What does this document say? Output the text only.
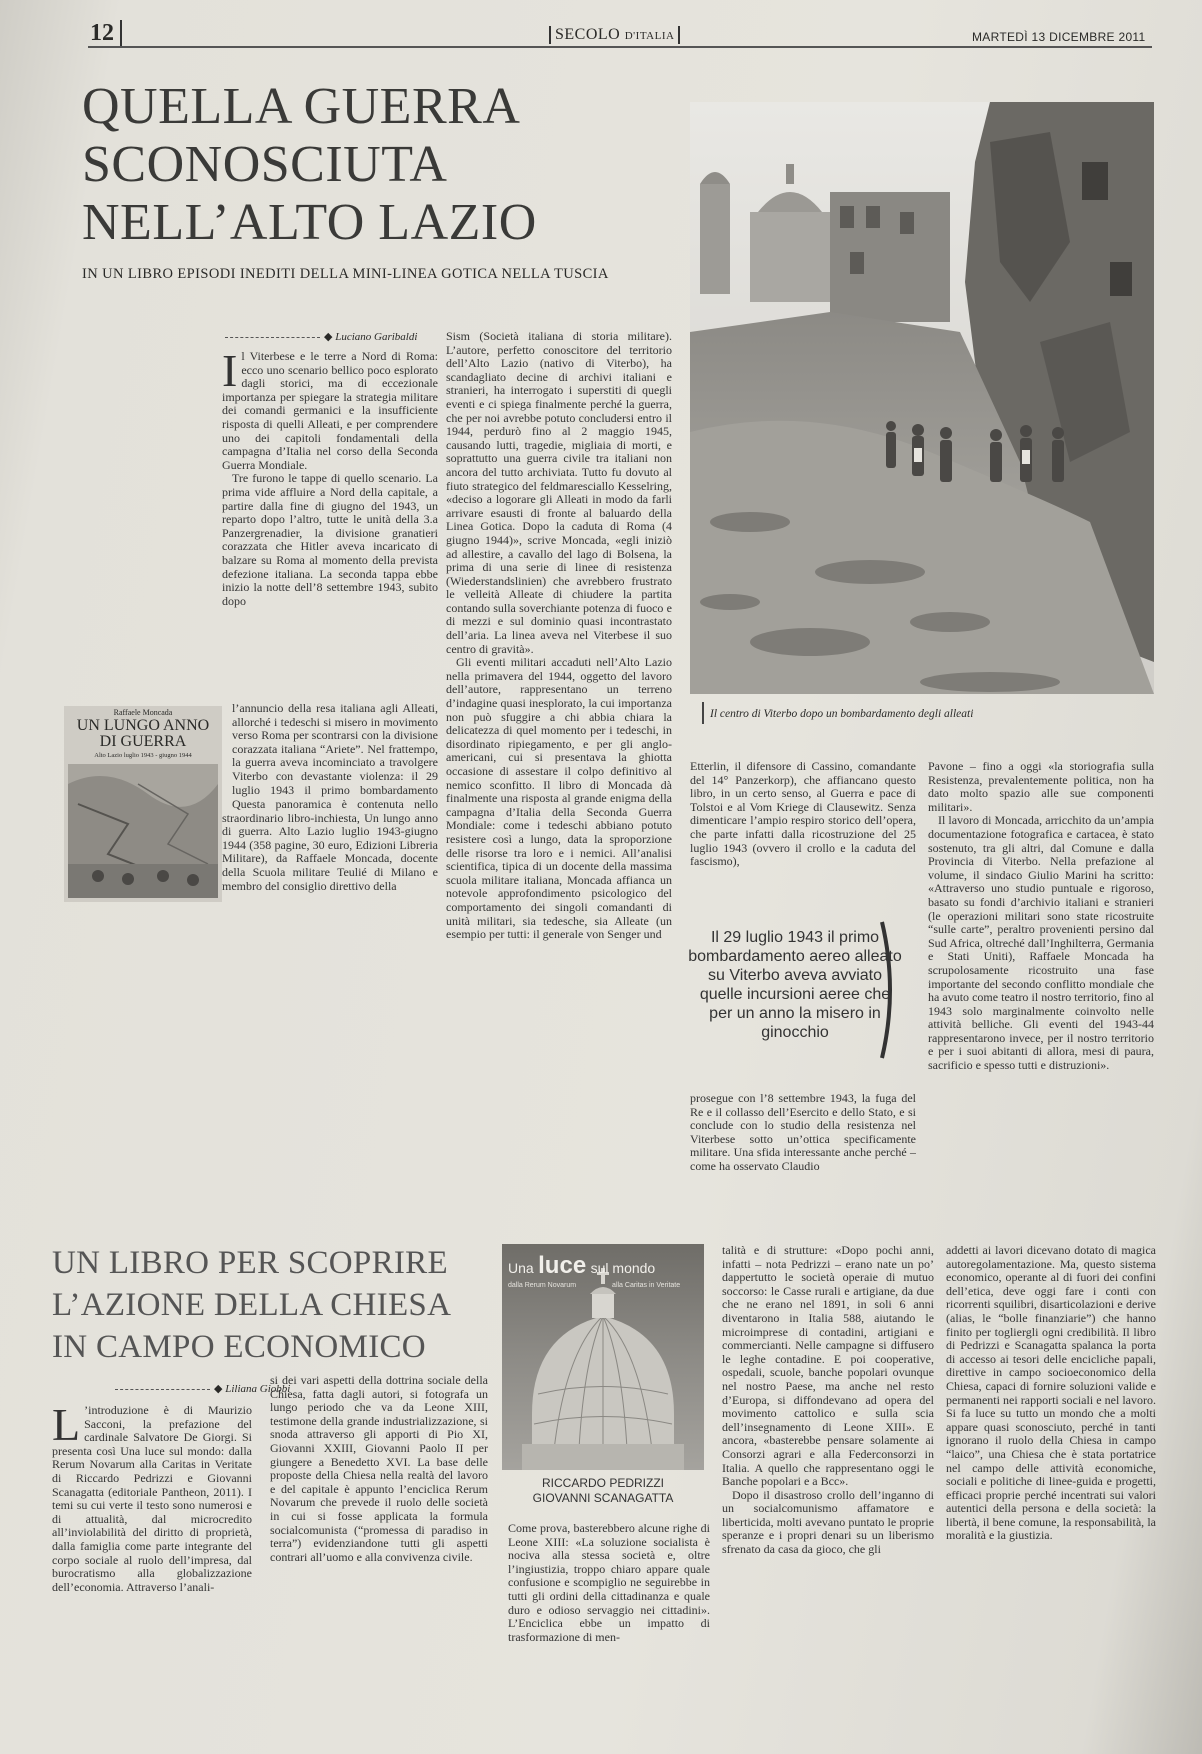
12	SECOLO D'ITALIA	MARTEDÌ 13 DICEMBRE 2011
QUELLA GUERRA
SCONOSCIUTA
NELL’ALTO LAZIO
IN UN LIBRO EPISODI INEDITI DELLA MINI-LINEA GOTICA NELLA TUSCIA
Il centro di Viterbo dopo un bombardamento degli alleati
◆ Luciano Garibaldi

Il Viterbese e le terre a Nord di Roma: ecco uno scenario bellico poco esplorato dagli storici, ma di eccezionale importanza per spiegare la strategia militare dei comandi germanici e la insufficiente risposta di quelli Alleati, e per comprendere uno dei capitoli fondamentali della campagna d’Italia nel corso della Seconda Guerra Mondiale.

Tre furono le tappe di quello scenario. La prima vide affluire a Nord della capitale, a partire dalla fine di giugno del 1943, un reparto dopo l’altro, tutte le unità della 3.a Panzergrenadier, la divisione granatieri corazzata che Hitler aveva incaricato di balzare su Roma al momento della prevista defezione italiana. La seconda tappa ebbe inizio la notte dell’8 settembre 1943, subito dopo

Raffaele Moncada
UN LUNGO ANNO
DI GUERRA
Alto Lazio luglio 1943 - giugno 1944

l’annuncio della resa italiana agli Alleati, allorché i tedeschi si misero in movimento verso Roma per scontrarsi con la divisione corazzata italiana “Ariete”. Nel frattempo, la guerra aveva incominciato a travolgere Viterbo con devastante violenza: il 29 luglio 1943 il primo bombardamento

Questa panoramica è contenuta nello straordinario libro-inchiesta, Un lungo anno di guerra. Alto Lazio luglio 1943-giugno 1944 (358 pagine, 30 euro, Edizioni Libreria Militare), da Raffaele Moncada, docente della Scuola militare Teulié di Milano e membro del consiglio direttivo della

Sism (Società italiana di storia militare). L’autore, perfetto conoscitore del territorio dell’Alto Lazio (nativo di Viterbo), ha scandagliato decine di archivi italiani e stranieri, ha interrogato i superstiti di quegli eventi e ci spiega finalmente perché la guerra, che per noi avrebbe potuto concludersi entro il 1944, perdurò fino al 2 maggio 1945, causando lutti, tragedie, migliaia di morti, e soprattutto una guerra civile tra italiani non ancora del tutto archiviata. Tutto fu dovuto al fiuto strategico del feldmaresciallo Kesselring, «deciso a logorare gli Alleati in modo da farli arrivare esausti di fronte al baluardo della Linea Gotica. Dopo la caduta di Roma (4 giugno 1944)», scrive Moncada, «egli iniziò ad allestire, a cavallo del lago di Bolsena, la prima di una serie di linee di resistenza (Wiederstandslinien) che avrebbero frustrato le velleità Alleate di chiudere la partita contando sulla soverchiante potenza di fuoco e di mezzi e sul dominio quasi incontrastato dell’aria. La linea aveva nel Viterbese il suo centro di gravità».

Gli eventi militari accaduti nell’Alto Lazio nella primavera del 1944, oggetto del lavoro dell’autore, rappresentano un terreno d’indagine quasi inesplorato, la cui importanza non può sfuggire a chi abbia chiara la delicatezza di quel momento per i tedeschi, in disordinato ripiegamento, e per gli anglo-americani, cui si presentava la ghiotta occasione di assestare il colpo definitivo al nemico sconfitto. Il libro di Moncada dà finalmente una risposta al grande enigma della campagna d’Italia della Seconda Guerra Mondiale: come i tedeschi abbiano potuto resistere così a lungo, data la sproporzione delle risorse tra loro e i nemici. All’analisi scientifica, tipica di un docente della massima scuola militare italiana, Moncada affianca un notevole approfondimento psicologico del comportamento dei singoli comandanti di unità militari, sia tedesche, sia Alleate (un esempio per tutti: il generale von Senger und

Etterlin, il difensore di Cassino, comandante del 14° Panzerkorp), che affiancano questo libro, in un certo senso, al Guerra e pace di Tolstoi e al Vom Kriege di Clausewitz. Senza dimenticare l’ampio respiro storico dell’opera, che parte infatti dalla ricostruzione del 25 luglio 1943 (ovvero il crollo e la caduta del fascismo),

Il 29 luglio 1943 il primo bombardamento aereo alleato su Viterbo aveva avviato quelle incursioni aeree che per un anno la misero in ginocchio

prosegue con l’8 settembre 1943, la fuga del Re e il collasso dell’Esercito e dello Stato, e si conclude con lo studio della resistenza nel Viterbese sotto un’ottica specificamente militare. Una sfida interessante anche perché – come ha osservato Claudio

Pavone – fino a oggi «la storiografia sulla Resistenza, prevalentemente politica, non ha dato molto spazio alle sue componenti militari».

Il lavoro di Moncada, arricchito da un’ampia documentazione fotografica e cartacea, è stato sostenuto, tra gli altri, dal Comune e dalla Provincia di Viterbo. Nella prefazione al volume, il sindaco Giulio Marini ha scritto: «Attraverso uno studio puntuale e rigoroso, basato su fondi d’archivio italiani e stranieri (le operazioni militari sono state ricostruite “sulle carte”, peraltro provenienti persino dal Sud Africa, oltreché dall’Inghilterra, Germania e Stati Uniti), Raffaele Moncada ha scrupolosamente ricostruito una fase importante del secondo conflitto mondiale che ha avuto come teatro il nostro territorio, fino al 1943 solo marginalmente coinvolto nelle attività belliche. Gli eventi del 1943-44 rappresentarono invece, per il nostro territorio e per i suoi abitanti di allora, mesi di paura, sacrificio e spesso tutti e distruzioni».

UN LIBRO PER SCOPRIRE
L’AZIONE DELLA CHIESA
IN CAMPO ECONOMICO
◆ Liliana Giobbi

L ’introduzione è di Maurizio Sacconi, la prefazione del cardinale Salvatore De Giorgi. Si presenta così Una luce sul mondo: dalla Rerum Novarum alla Caritas in Veritate di Riccardo Pedrizzi e Giovanni Scanagatta (editoriale Pantheon, 2011). I temi su cui verte il testo sono numerosi e di attualità, dal microcredito all’inviolabilità del diritto di proprietà, dalla famiglia come parte integrante del corpo sociale al ruolo dell’impresa, dal burocratismo alla globalizzazione dell’economia. Attraverso l’anali-

si dei vari aspetti della dottrina sociale della Chiesa, fatta dagli autori, si fotografa un lungo periodo che va da Leone XIII, testimone della grande industrializzazione, si snoda attraverso gli apporti di Pio XI, Giovanni XXIII, Giovanni Paolo II per giungere a Benedetto XVI. La base delle proposte della Chiesa nella realtà del lavoro e del capitale è appunto l’enciclica Rerum Novarum che prevede il ruolo delle società in cui si fosse applicata la formula socialcomunista (“promessa di paradiso in terra”) evidenziandone tutti gli aspetti contrari all’uomo e alla convivenza civile.

Una luce sul mondo
dalla Rerum Novarum	alla Caritas in Veritate
RICCARDO PEDRIZZI
GIOVANNI SCANAGATTA

Come prova, basterebbero alcune righe di Leone XIII: «La soluzione socialista è nociva alla stessa società e, oltre l’ingiustizia, troppo chiaro appare quale confusione e scompiglio ne seguirebbe in tutti gli ordini della cittadinanza e quale duro e odioso servaggio nei cittadini». L’Enciclica ebbe un impatto di trasformazione di men-

talità e di strutture: «Dopo pochi anni, infatti – nota Pedrizzi – erano nate un po’ dappertutto le società operaie di mutuo soccorso: le Casse rurali e artigiane, da due che ne erano nel 1891, in soli 6 anni diventarono in Italia 588, aiutando le microimprese di contadini, artigiani e commercianti. Nelle campagne si diffusero le leghe contadine. E poi cooperative, ospedali, scuole, banche popolari ovunque nel nostro Paese, ma anche nel resto d’Europa, si diffondevano ad opera del movimento cattolico e sulla scia dell’insegnamento di Leone XIII». E ancora, «basterebbe pensare solamente ai Consorzi agrari e alla Federconsorzi in Italia. A quello che rappresentano oggi le Banche popolari e a Bcc».

Dopo il disastroso crollo dell’inganno di un socialcomunismo affamatore e liberticida, molti avevano puntato le proprie speranze e i propri denari su un liberismo sfrenato da casa da gioco, che gli

addetti ai lavori dicevano dotato di magica autoregolamentazione. Ma, questo sistema economico, operante al di fuori dei confini dell’etica, deve oggi fare i conti con ricorrenti squilibri, disarticolazioni e derive (alias, le “bolle finanziarie”) che hanno finito per togliergli ogni credibilità. Il libro di Pedrizzi e Scanagatta spalanca la porta di accesso ai tesori delle encicliche papali, direttive in campo socioeconomico della Chiesa, capaci di fornire soluzioni valide e permanenti nei rapporti sociali e nel lavoro. Si fa luce su tutto un mondo che a molti appare quasi sconosciuto, perché in tanti ignorano il ruolo della Chiesa in campo “laico”, una Chiesa che è stata portatrice nel campo delle attività economiche, sociali e politiche di linee-guida e progetti, efficaci proprie perché incentrati sui valori autentici della persona e della società: la libertà, il bene comune, la responsabilità, la moralità e la giustizia.
